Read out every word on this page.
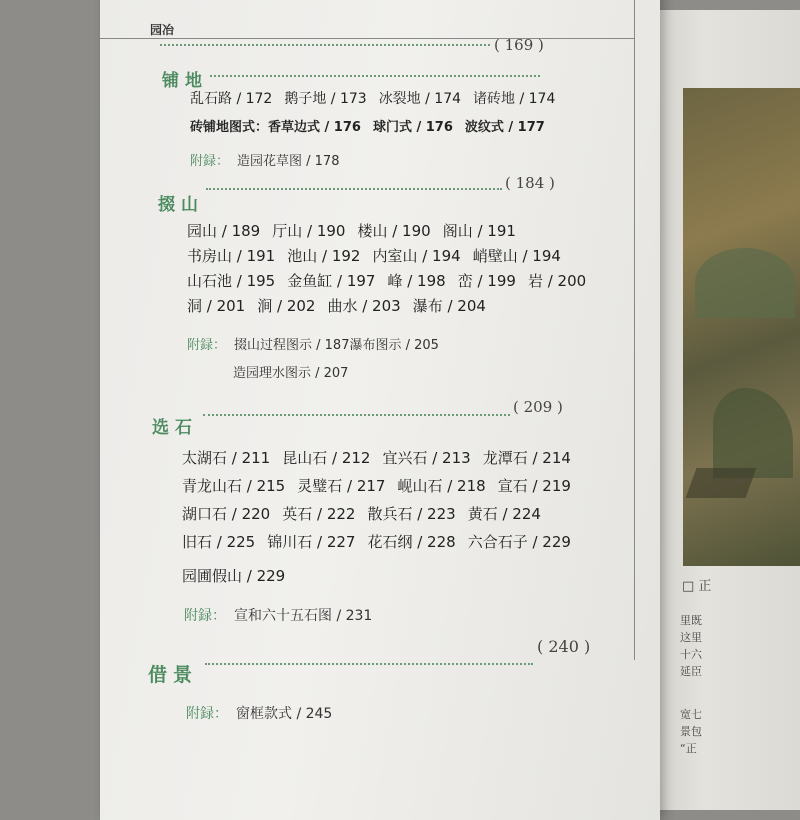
□ 正
里既
这里
十六
延臣
宽七
景包
“正
园冶
( 169 )
铺地
乱石路 / 172 鹅子地 / 173 冰裂地 / 174 诸砖地 / 174
砖铺地图式：香草边式 / 176 球门式 / 176 波纹式 / 177
附録： 造园花草图 / 178
掇山
( 184 )
园山 / 189 厅山 / 190 楼山 / 190 阁山 / 191
书房山 / 191 池山 / 192 内室山 / 194 峭壁山 / 194
山石池 / 195 金鱼缸 / 197 峰 / 198 峦 / 199 岩 / 200
洞 / 201 涧 / 202 曲水 / 203 瀑布 / 204
附録： 掇山过程图示 / 187瀑布图示 / 205
造园理水图示 / 207
选石
( 209 )
太湖石 / 211 昆山石 / 212 宜兴石 / 213 龙潭石 / 214
青龙山石 / 215 灵璧石 / 217 岘山石 / 218 宣石 / 219
湖口石 / 220 英石 / 222 散兵石 / 223 黄石 / 224
旧石 / 225 锦川石 / 227 花石纲 / 228 六合石子 / 229
园圃假山 / 229
附録： 宣和六十五石图 / 231
借景
( 240 )
附録： 窗框款式 / 245
